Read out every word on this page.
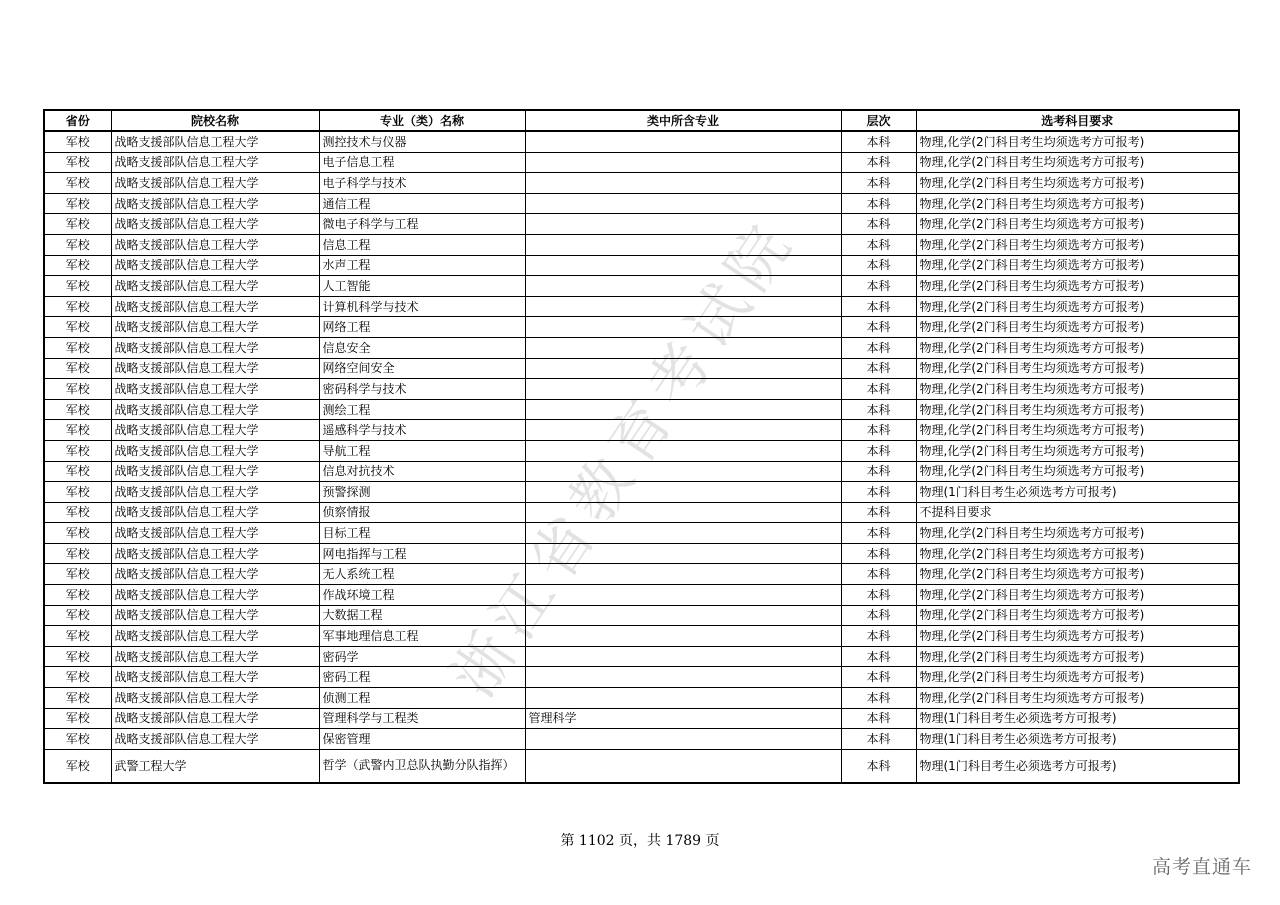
浙江省教育考试院
省份	院校名称	专业（类）名称	类中所含专业	层次	选考科目要求
军校	战略支援部队信息工程大学	测控技术与仪器		本科	物理,化学(2门科目考生均须选考方可报考)
军校	战略支援部队信息工程大学	电子信息工程		本科	物理,化学(2门科目考生均须选考方可报考)
军校	战略支援部队信息工程大学	电子科学与技术		本科	物理,化学(2门科目考生均须选考方可报考)
军校	战略支援部队信息工程大学	通信工程		本科	物理,化学(2门科目考生均须选考方可报考)
军校	战略支援部队信息工程大学	微电子科学与工程		本科	物理,化学(2门科目考生均须选考方可报考)
军校	战略支援部队信息工程大学	信息工程		本科	物理,化学(2门科目考生均须选考方可报考)
军校	战略支援部队信息工程大学	水声工程		本科	物理,化学(2门科目考生均须选考方可报考)
军校	战略支援部队信息工程大学	人工智能		本科	物理,化学(2门科目考生均须选考方可报考)
军校	战略支援部队信息工程大学	计算机科学与技术		本科	物理,化学(2门科目考生均须选考方可报考)
军校	战略支援部队信息工程大学	网络工程		本科	物理,化学(2门科目考生均须选考方可报考)
军校	战略支援部队信息工程大学	信息安全		本科	物理,化学(2门科目考生均须选考方可报考)
军校	战略支援部队信息工程大学	网络空间安全		本科	物理,化学(2门科目考生均须选考方可报考)
军校	战略支援部队信息工程大学	密码科学与技术		本科	物理,化学(2门科目考生均须选考方可报考)
军校	战略支援部队信息工程大学	测绘工程		本科	物理,化学(2门科目考生均须选考方可报考)
军校	战略支援部队信息工程大学	遥感科学与技术		本科	物理,化学(2门科目考生均须选考方可报考)
军校	战略支援部队信息工程大学	导航工程		本科	物理,化学(2门科目考生均须选考方可报考)
军校	战略支援部队信息工程大学	信息对抗技术		本科	物理,化学(2门科目考生均须选考方可报考)
军校	战略支援部队信息工程大学	预警探测		本科	物理(1门科目考生必须选考方可报考)
军校	战略支援部队信息工程大学	侦察情报		本科	不提科目要求
军校	战略支援部队信息工程大学	目标工程		本科	物理,化学(2门科目考生均须选考方可报考)
军校	战略支援部队信息工程大学	网电指挥与工程		本科	物理,化学(2门科目考生均须选考方可报考)
军校	战略支援部队信息工程大学	无人系统工程		本科	物理,化学(2门科目考生均须选考方可报考)
军校	战略支援部队信息工程大学	作战环境工程		本科	物理,化学(2门科目考生均须选考方可报考)
军校	战略支援部队信息工程大学	大数据工程		本科	物理,化学(2门科目考生均须选考方可报考)
军校	战略支援部队信息工程大学	军事地理信息工程		本科	物理,化学(2门科目考生均须选考方可报考)
军校	战略支援部队信息工程大学	密码学		本科	物理,化学(2门科目考生均须选考方可报考)
军校	战略支援部队信息工程大学	密码工程		本科	物理,化学(2门科目考生均须选考方可报考)
军校	战略支援部队信息工程大学	侦测工程		本科	物理,化学(2门科目考生均须选考方可报考)
军校	战略支援部队信息工程大学	管理科学与工程类	管理科学	本科	物理(1门科目考生必须选考方可报考)
军校	战略支援部队信息工程大学	保密管理		本科	物理(1门科目考生必须选考方可报考)
军校	武警工程大学	哲学（武警内卫总队执勤分队指挥）		本科	物理(1门科目考生必须选考方可报考)
第 1102 页，共 1789 页
高考直通车
